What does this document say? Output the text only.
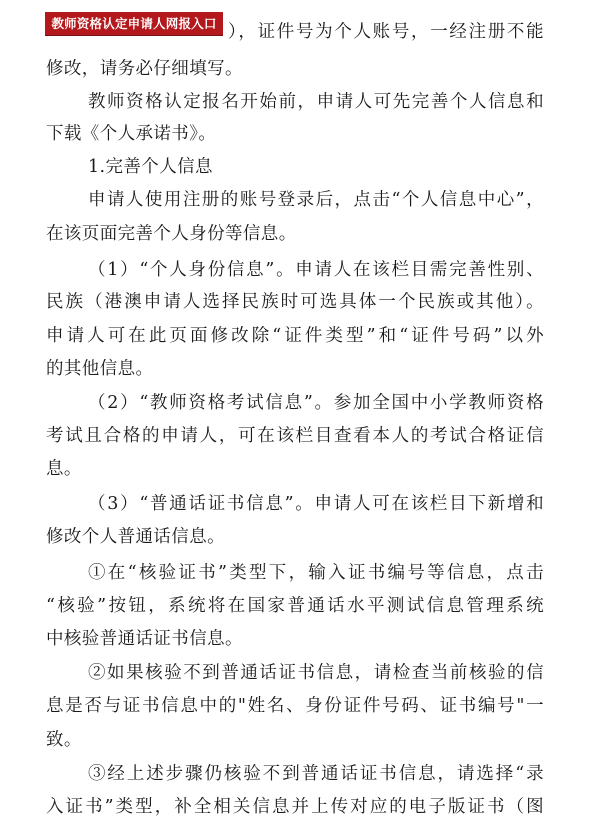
教师资格认定申请人网报入口 ），证件号为个人账号，一经注册不能
修改，请务必仔细填写。
教师资格认定报名开始前，申请人可先完善个人信息和
下载《个人承诺书》。
1.完善个人信息
申请人使用注册的账号登录后，点击“个人信息中心”，
在该页面完善个人身份等信息。
（1）“个人身份信息”。申请人在该栏目需完善性别、
民族（港澳申请人选择民族时可选具体一个民族或其他）。
申请人可在此页面修改除“证件类型”和“证件号码”以外
的其他信息。
（2）“教师资格考试信息”。参加全国中小学教师资格
考试且合格的申请人，可在该栏目查看本人的考试合格证信
息。
（3）“普通话证书信息”。申请人可在该栏目下新增和
修改个人普通话信息。
①在“核验证书”类型下，输入证书编号等信息，点击
“核验”按钮，系统将在国家普通话水平测试信息管理系统
中核验普通话证书信息。
②如果核验不到普通话证书信息，请检查当前核验的信
息是否与证书信息中的"姓名、身份证件号码、证书编号"一
致。
③经上述步骤仍核验不到普通话证书信息，请选择“录
入证书”类型，补全相关信息并上传对应的电子版证书（图
